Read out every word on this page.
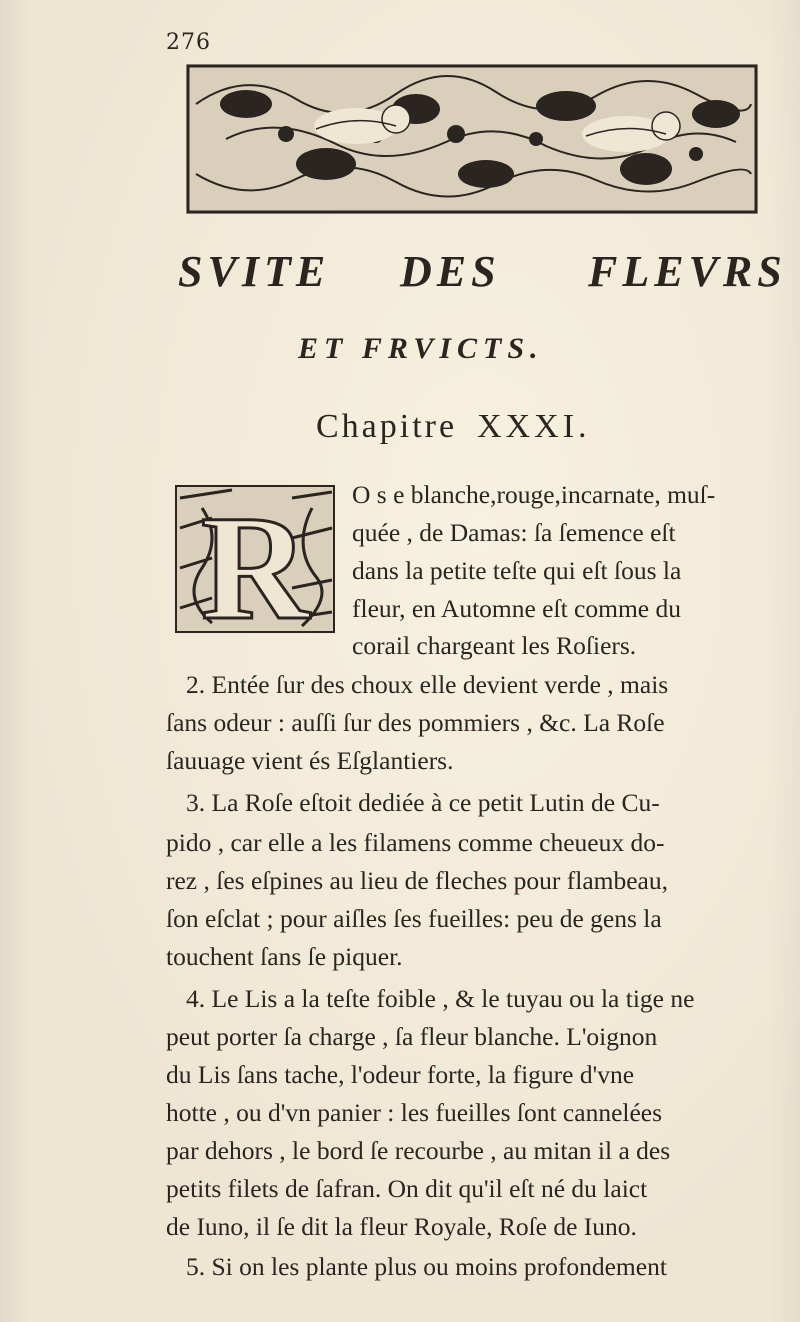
276
SVITE DES FLEVRS
ET FRVICTS.
Chapitre XXXI.
R O s e blanche,rouge,incarnate, muſ-
quée , de Damas: ſa ſemence eſt
dans la petite teſte qui eſt ſous la
fleur, en Automne eſt comme du
corail chargeant les Roſiers.
2. Entée ſur des choux elle devient verde , mais
ſans odeur : auſſi ſur des pommiers , &c. La Roſe
ſauuage vient és Eſglantiers.
3. La Roſe eſtoit dediée à ce petit Lutin de Cu-
pido , car elle a les filamens comme cheueux do-
rez , ſes eſpines au lieu de fleches pour flambeau,
ſon eſclat ; pour aiſles ſes fueilles: peu de gens la
touchent ſans ſe piquer.
4. Le Lis a la teſte foible , & le tuyau ou la tige ne
peut porter ſa charge , ſa fleur blanche. L'oignon
du Lis ſans tache, l'odeur forte, la figure d'vne
hotte , ou d'vn panier : les fueilles ſont cannelées
par dehors , le bord ſe recourbe , au mitan il a des
petits filets de ſafran. On dit qu'il eſt né du laict
de Iuno, il ſe dit la fleur Royale, Roſe de Iuno.
5. Si on les plante plus ou moins profondement
